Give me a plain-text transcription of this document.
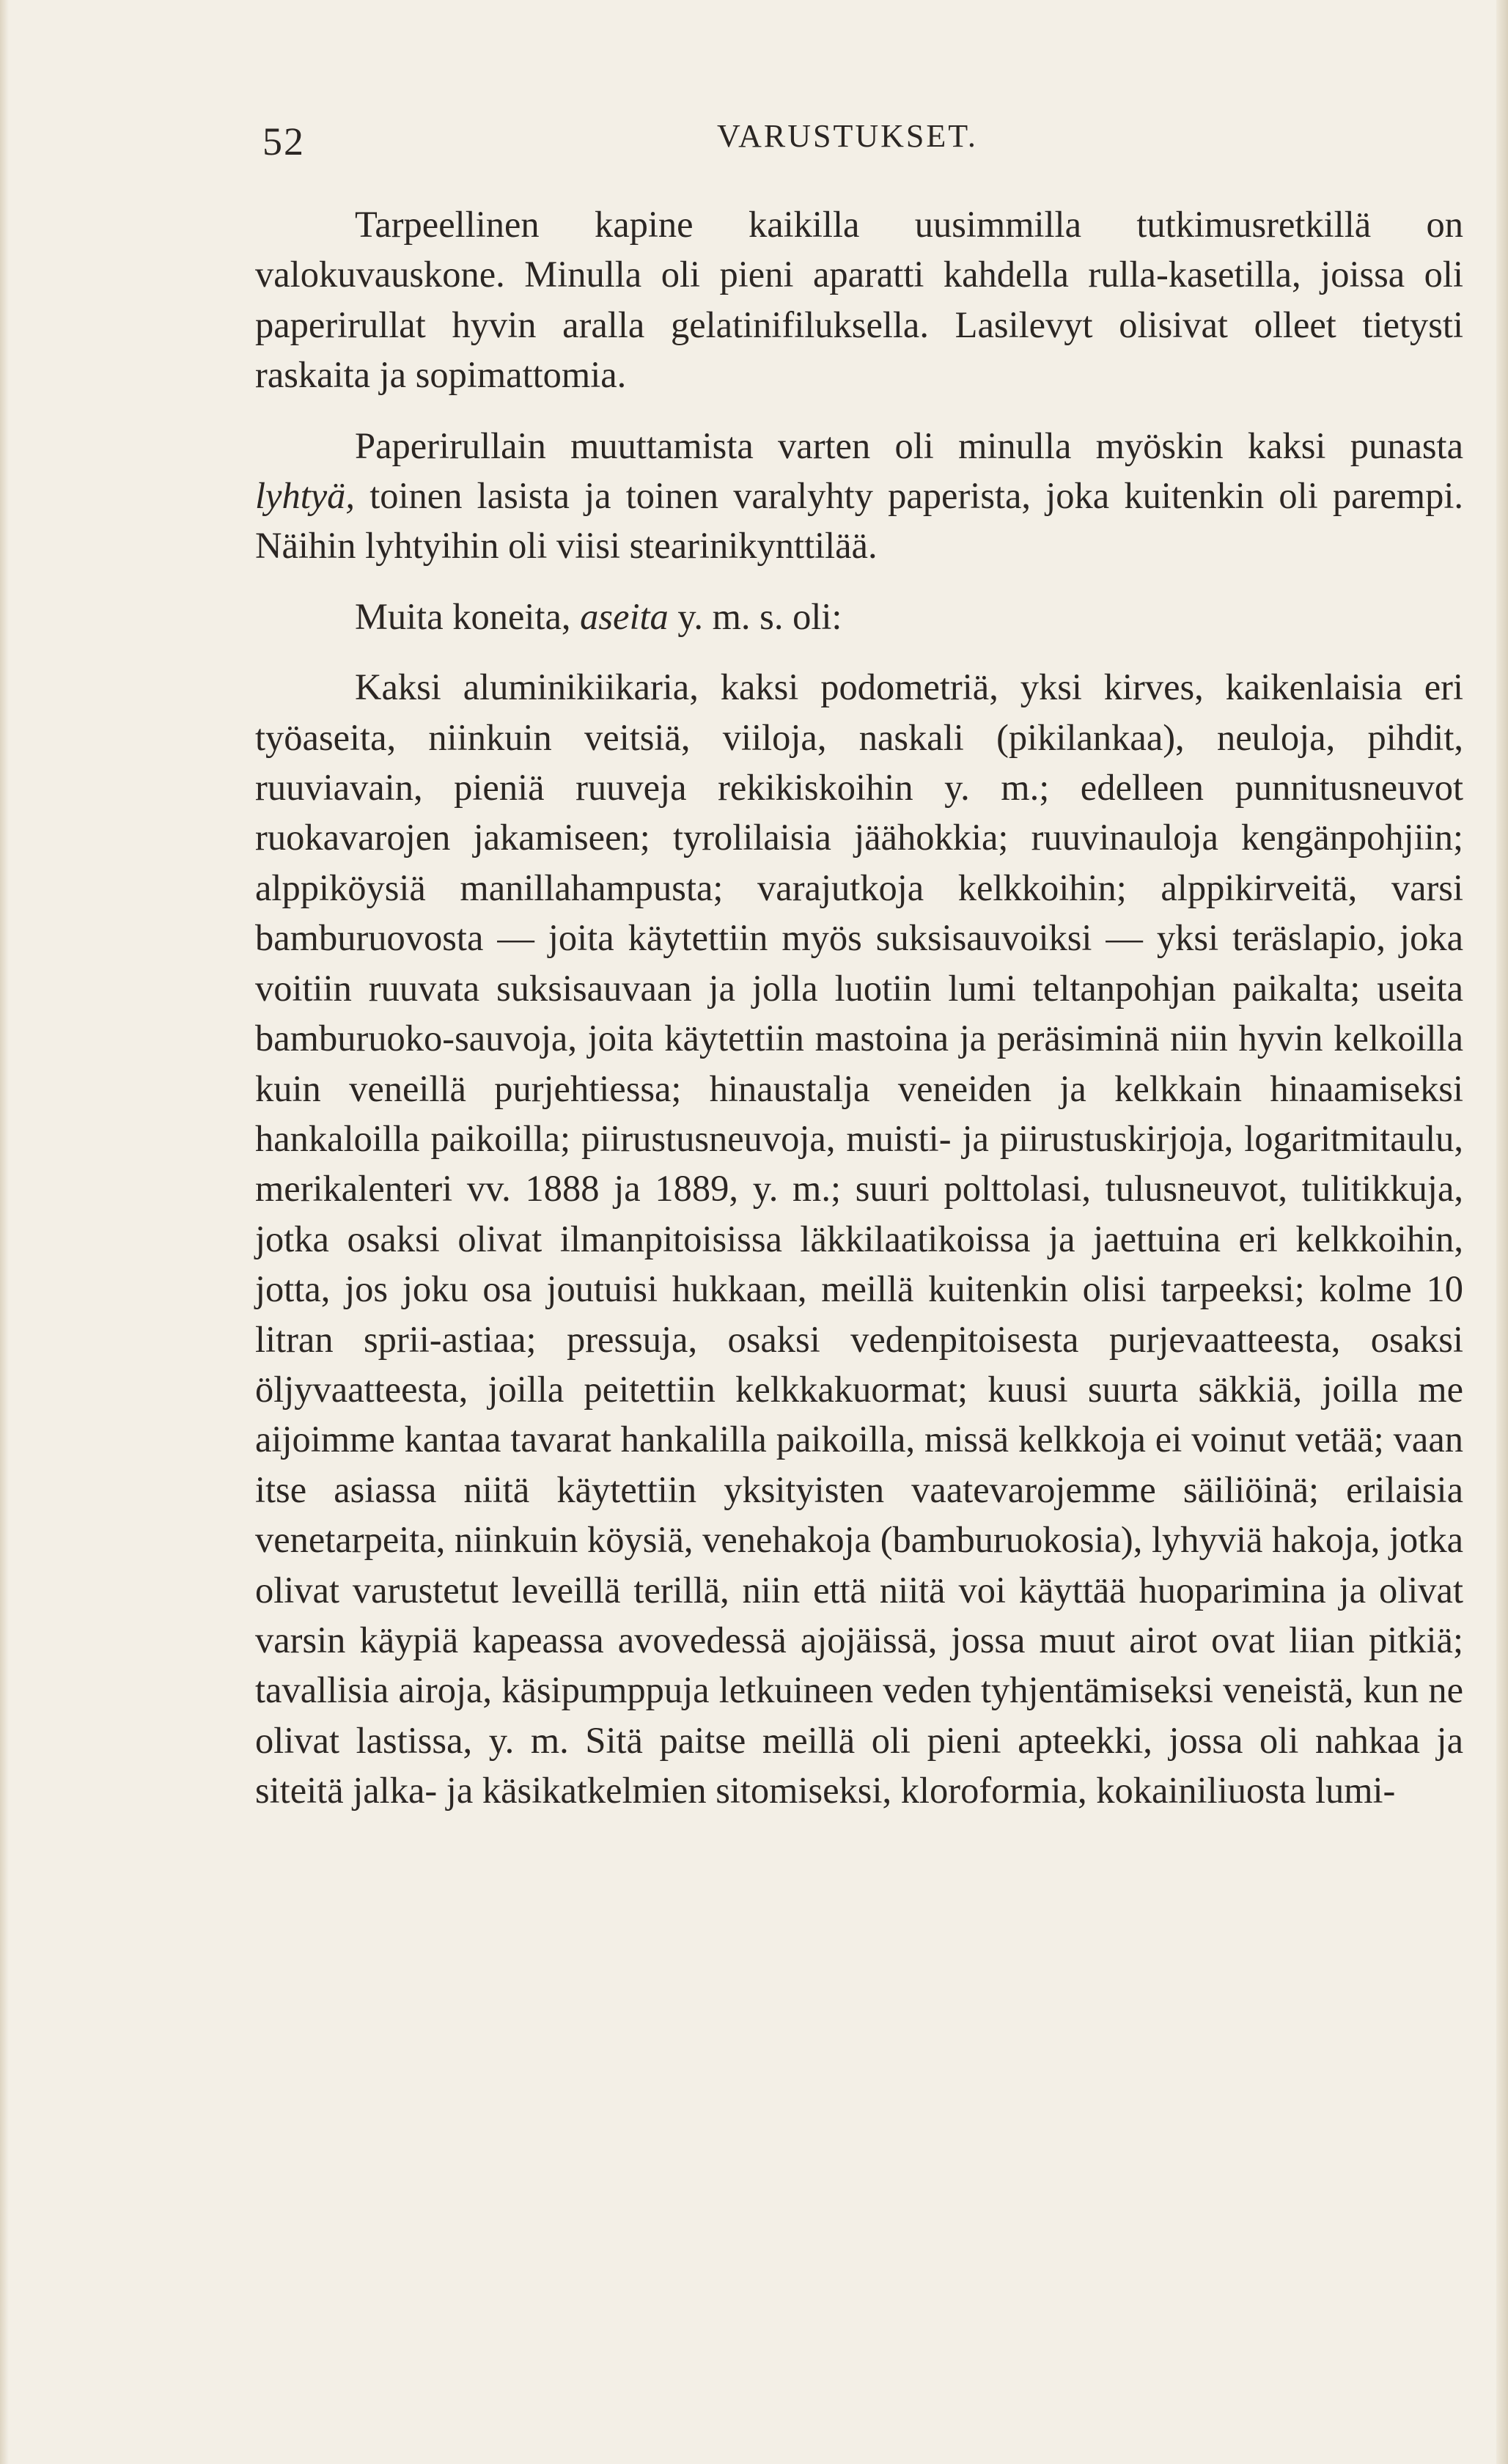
52	VARUSTUKSET.

Tarpeellinen kapine kaikilla uusimmilla tutkimusretkillä on valokuvauskone. Minulla oli pieni aparatti kahdella rulla-kasetilla, joissa oli paperirullat hyvin aralla gelatinifiluksella. Lasilevyt olisivat olleet tietysti raskaita ja sopimattomia.

Paperirullain muuttamista varten oli minulla myöskin kaksi punasta lyhtyä, toinen lasista ja toinen varalyhty paperista, joka kuitenkin oli parempi. Näihin lyhtyihin oli viisi stearinikynttilää.

Muita koneita, aseita y. m. s. oli:

Kaksi aluminikiikaria, kaksi podometriä, yksi kirves, kaikenlaisia eri työaseita, niinkuin veitsiä, viiloja, naskali (pikilankaa), neuloja, pihdit, ruuviavain, pieniä ruuveja rekikiskoihin y. m.; edelleen punnitusneuvot ruokavarojen jakamiseen; tyrolilaisia jäähokkia; ruuvinauloja kengänpohjiin; alppiköysiä manillahampusta; varajutkoja kelkkoihin; alppikirveitä, varsi bamburuovosta — joita käytettiin myös suksisauvoiksi — yksi teräslapio, joka voitiin ruuvata suksisauvaan ja jolla luotiin lumi teltanpohjan paikalta; useita bamburuoko-sauvoja, joita käytettiin mastoina ja peräsiminä niin hyvin kelkoilla kuin veneillä purjehtiessa; hinaustalja veneiden ja kelkkain hinaamiseksi hankaloilla paikoilla; piirustusneuvoja, muisti- ja piirustuskirjoja, logaritmitaulu, merikalenteri vv. 1888 ja 1889, y. m.; suuri polttolasi, tulusneuvot, tulitikkuja, jotka osaksi olivat ilmanpitoisissa läkkilaatikoissa ja jaettuina eri kelkkoihin, jotta, jos joku osa joutuisi hukkaan, meillä kuitenkin olisi tarpeeksi; kolme 10 litran sprii-astiaa; pressuja, osaksi vedenpitoisesta purjevaatteesta, osaksi öljyvaatteesta, joilla peitettiin kelkkakuormat; kuusi suurta säkkiä, joilla me aijoimme kantaa tavarat hankalilla paikoilla, missä kelkkoja ei voinut vetää; vaan itse asiassa niitä käytettiin yksityisten vaatevarojemme säiliöinä; erilaisia venetarpeita, niinkuin köysiä, venehakoja (bamburuokosia), lyhyviä hakoja, jotka olivat varustetut leveillä terillä, niin että niitä voi käyttää huoparimina ja olivat varsin käypiä kapeassa avovedessä ajojäissä, jossa muut airot ovat liian pitkiä; tavallisia airoja, käsipumppuja letkuineen veden tyhjentämiseksi veneistä, kun ne olivat lastissa, y. m. Sitä paitse meillä oli pieni apteekki, jossa oli nahkaa ja siteitä jalka- ja käsikatkelmien sitomiseksi, kloroformia, kokainiliuosta lumi-
